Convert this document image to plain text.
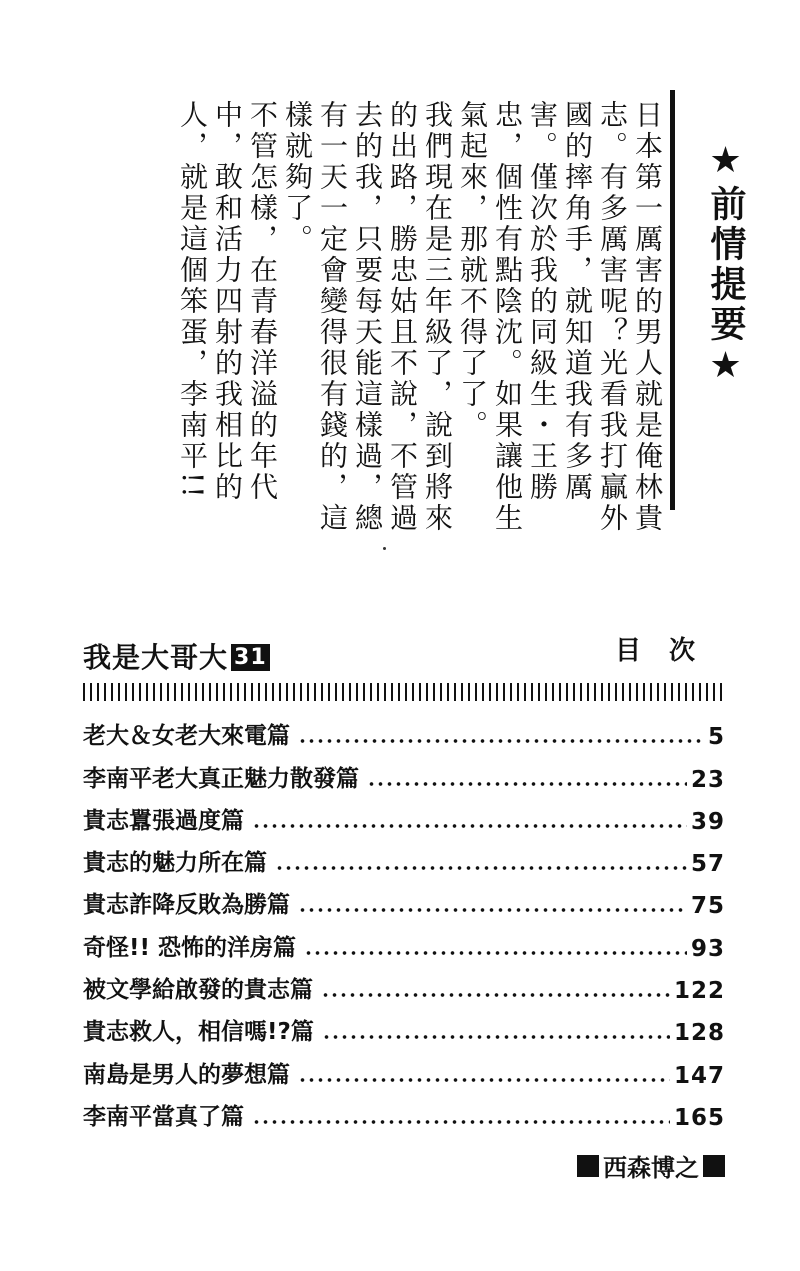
★前情提要★

日本第一厲害的男人就是俺林貴志。有多厲害呢？光看我打贏外國的摔角手，就知道我有多厲害。僅次於我的同級生・王勝忠，個性有點陰沈。如果讓他生氣起來，那就不得了了。

我們現在是三年級了，說到將來的出路，勝忠姑且不說，不管過去的我，只要每天能這樣過，總有一天一定會變得很有錢的，這樣就夠了。

不管怎樣，在青春洋溢的年代中，敢和活力四射的我相比的人，就是這個笨蛋，李南平!!

我是大哥大 31	目次
老大＆女老大來電篇	5
李南平老大真正魅力散發篇	23
貴志囂張過度篇	39
貴志的魅力所在篇	57
貴志詐降反敗為勝篇	75
奇怪!! 恐怖的洋房篇	93
被文學給啟發的貴志篇	122
貴志救人，相信嗎!?篇	128
南島是男人的夢想篇	147
李南平當真了篇	165
西森博之
